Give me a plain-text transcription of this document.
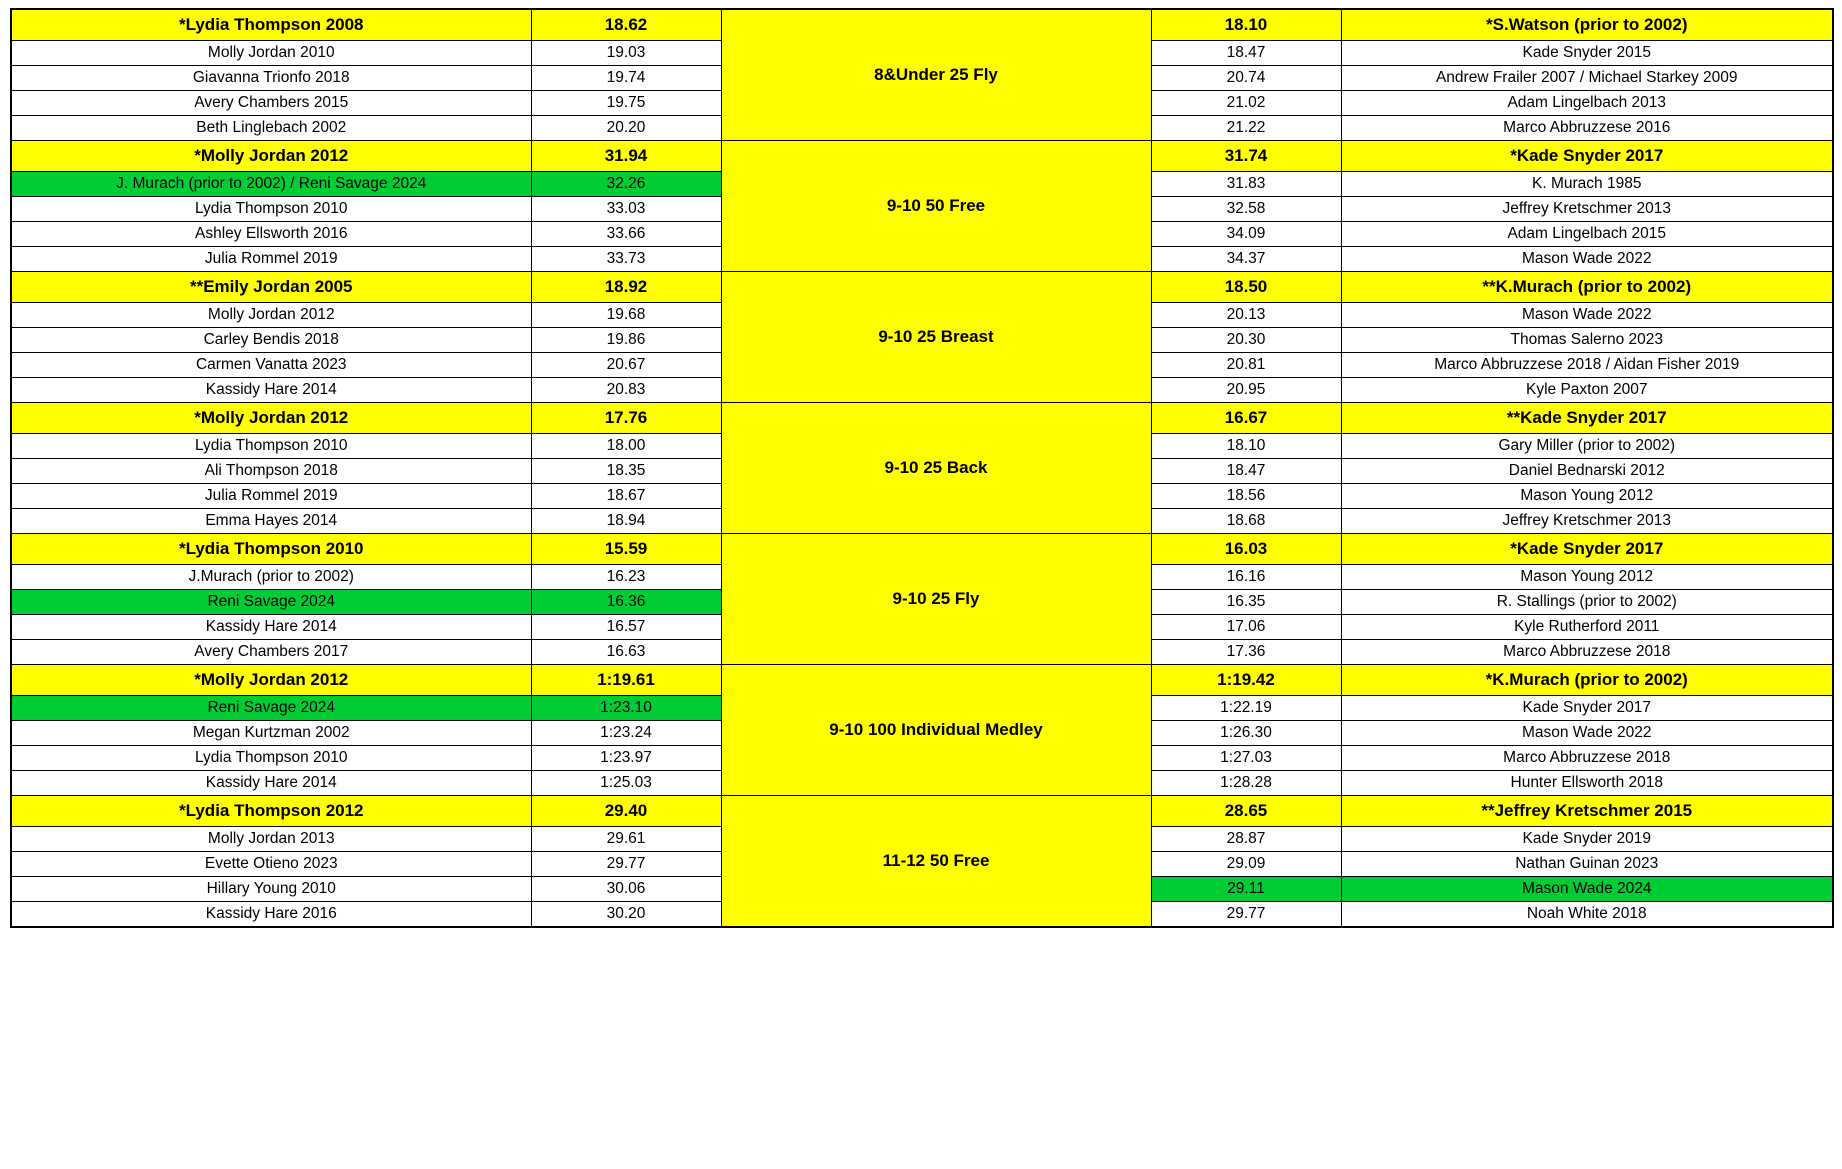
*Lydia Thompson 2008	18.62	8&Under 25 Fly	18.10	*S.Watson (prior to 2002)
Molly Jordan 2010	19.03		18.47	Kade Snyder 2015
Giavanna Trionfo 2018	19.74		20.74	Andrew Frailer 2007 / Michael Starkey 2009
Avery Chambers 2015	19.75		21.02	Adam Lingelbach 2013
Beth Linglebach 2002	20.20		21.22	Marco Abbruzzese 2016
*Molly Jordan 2012	31.94	9-10 50 Free	31.74	*Kade Snyder 2017
J. Murach (prior to 2002) / Reni Savage 2024	32.26		31.83	K. Murach 1985
Lydia Thompson 2010	33.03		32.58	Jeffrey Kretschmer 2013
Ashley Ellsworth 2016	33.66		34.09	Adam Lingelbach 2015
Julia Rommel 2019	33.73		34.37	Mason Wade 2022
**Emily Jordan 2005	18.92	9-10 25 Breast	18.50	**K.Murach (prior to 2002)
Molly Jordan 2012	19.68		20.13	Mason Wade 2022
Carley Bendis 2018	19.86		20.30	Thomas Salerno 2023
Carmen Vanatta 2023	20.67		20.81	Marco Abbruzzese 2018 / Aidan Fisher 2019
Kassidy Hare 2014	20.83		20.95	Kyle Paxton 2007
*Molly Jordan 2012	17.76	9-10 25 Back	16.67	**Kade Snyder 2017
Lydia Thompson 2010	18.00		18.10	Gary Miller (prior to 2002)
Ali Thompson 2018	18.35		18.47	Daniel Bednarski 2012
Julia Rommel 2019	18.67		18.56	Mason Young 2012
Emma Hayes 2014	18.94		18.68	Jeffrey Kretschmer 2013
*Lydia Thompson 2010	15.59	9-10 25 Fly	16.03	*Kade Snyder 2017
J.Murach (prior to 2002)	16.23		16.16	Mason Young 2012
Reni Savage 2024	16.36		16.35	R. Stallings (prior to 2002)
Kassidy Hare 2014	16.57		17.06	Kyle Rutherford 2011
Avery Chambers 2017	16.63		17.36	Marco Abbruzzese 2018
*Molly Jordan 2012	1:19.61	9-10 100 Individual Medley	1:19.42	*K.Murach (prior to 2002)
Reni Savage 2024	1:23.10		1:22.19	Kade Snyder 2017
Megan Kurtzman 2002	1:23.24		1:26.30	Mason Wade 2022
Lydia Thompson 2010	1:23.97		1:27.03	Marco Abbruzzese 2018
Kassidy Hare 2014	1:25.03		1:28.28	Hunter Ellsworth 2018
*Lydia Thompson 2012	29.40	11-12 50 Free	28.65	**Jeffrey Kretschmer 2015
Molly Jordan 2013	29.61		28.87	Kade Snyder 2019
Evette Otieno 2023	29.77		29.09	Nathan Guinan 2023
Hillary Young 2010	30.06		29.11	Mason Wade 2024
Kassidy Hare 2016	30.20		29.77	Noah White 2018
